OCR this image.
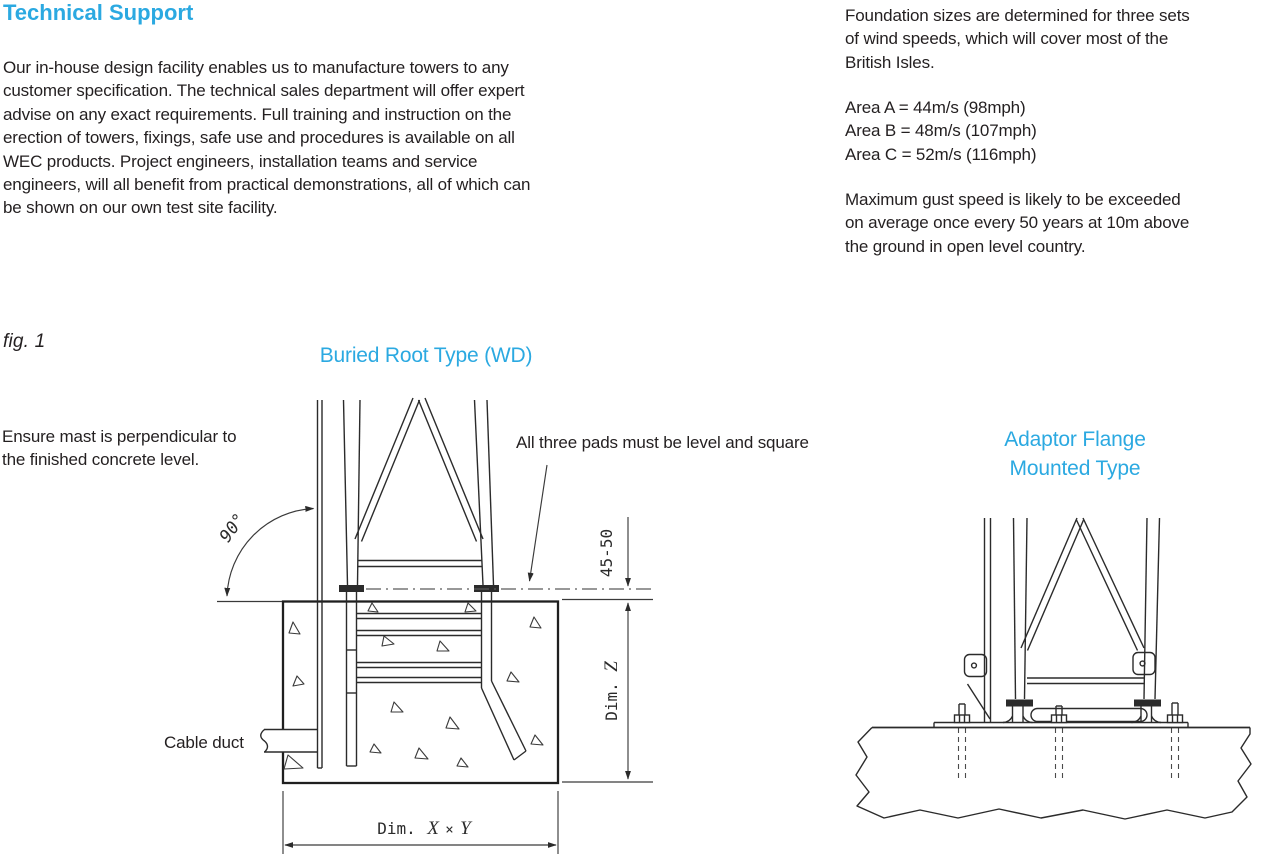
Technical Support
Our in-house design facility enables us to manufacture towers to any
customer specification. The technical sales department will offer expert
advise on any exact requirements. Full training and instruction on the
erection of towers, fixings, safe use and procedures is available on all
WEC products. Project engineers, installation teams and service
engineers, will all benefit from practical demonstrations, all of which can
be shown on our own test site facility.
Foundation sizes are determined for three sets
of wind speeds, which will cover most of the
British Isles.
Area A = 44m/s (98mph)
Area B = 48m/s (107mph)
Area C = 52m/s (116mph)
Maximum gust speed is likely to be exceeded
on average once every 50 years at 10m above
the ground in open level country.
fig. 1
Buried Root Type (WD)
Ensure mast is perpendicular to
the finished concrete level.
All three pads must be level and square	Adaptor Flange
Mounted Type
Cable duct
90°
45-50
Dim. Z
Dim. X × Y
